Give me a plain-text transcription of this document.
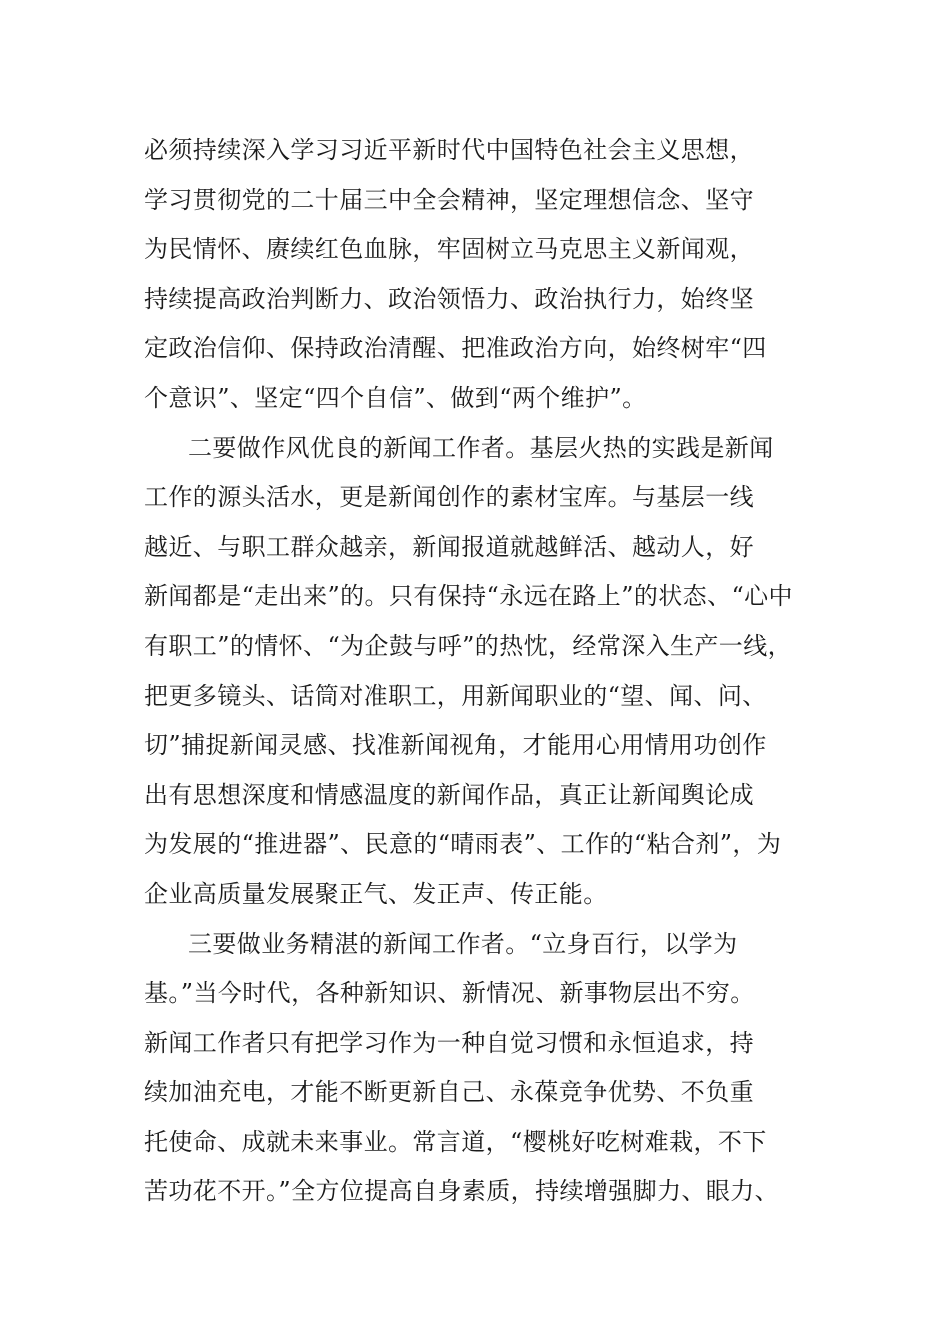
必须持续深入学习习近平新时代中国特色社会主义思想，
学习贯彻党的二十届三中全会精神，坚定理想信念、坚守
为民情怀、赓续红色血脉，牢固树立马克思主义新闻观，
持续提高政治判断力、政治领悟力、政治执行力，始终坚
定政治信仰、保持政治清醒、把准政治方向，始终树牢“四
个意识”、坚定“四个自信”、做到“两个维护”。
二要做作风优良的新闻工作者。基层火热的实践是新闻
工作的源头活水，更是新闻创作的素材宝库。与基层一线
越近、与职工群众越亲，新闻报道就越鲜活、越动人，好
新闻都是“走出来”的。只有保持“永远在路上”的状态、“心中
有职工”的情怀、“为企鼓与呼”的热忱，经常深入生产一线，
把更多镜头、话筒对准职工，用新闻职业的“望、闻、问、
切”捕捉新闻灵感、找准新闻视角，才能用心用情用功创作
出有思想深度和情感温度的新闻作品，真正让新闻舆论成
为发展的“推进器”、民意的“晴雨表”、工作的“粘合剂”，为
企业高质量发展聚正气、发正声、传正能。
三要做业务精湛的新闻工作者。“立身百行，以学为
基。”当今时代，各种新知识、新情况、新事物层出不穷。
新闻工作者只有把学习作为一种自觉习惯和永恒追求，持
续加油充电，才能不断更新自己、永葆竞争优势、不负重
托使命、成就未来事业。常言道，“樱桃好吃树难栽，不下
苦功花不开。”全方位提高自身素质，持续增强脚力、眼力、
